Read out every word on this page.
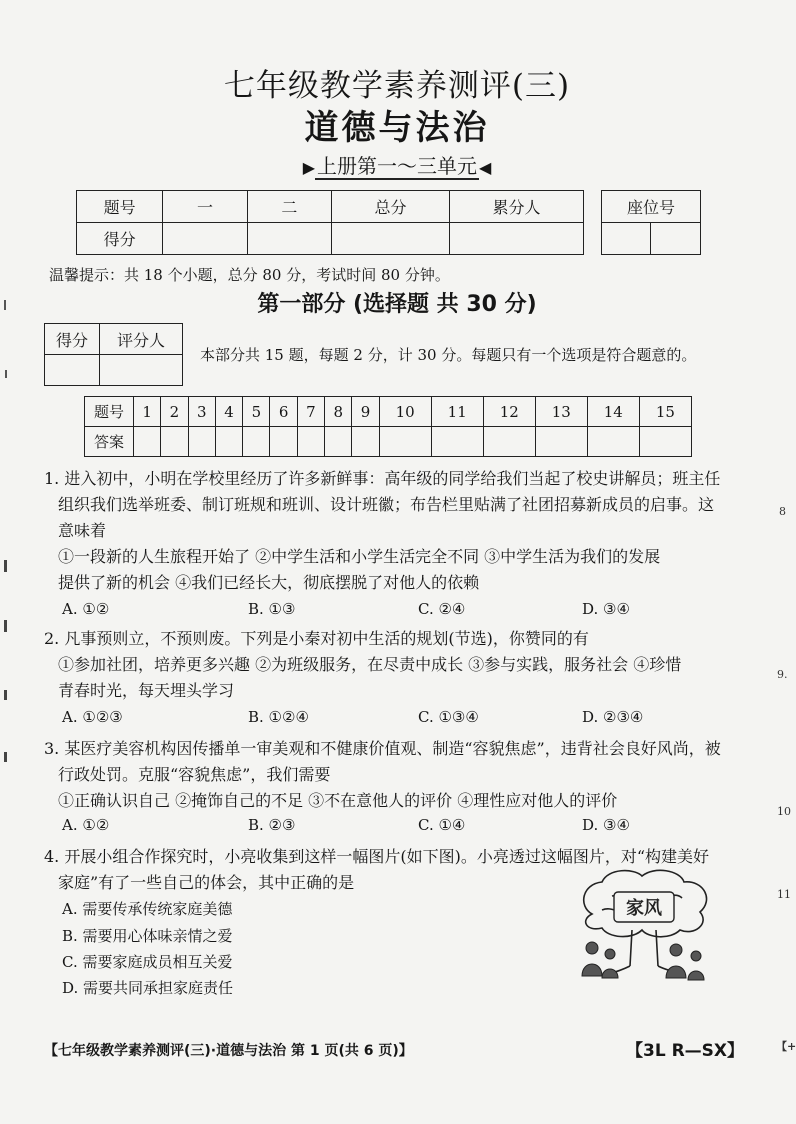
七年级教学素养测评(三)
道德与法治
▶ 上册第一～三单元 ◀
题号	一	二	总分	累分人
得分				
座位号

温馨提示：共 18 个小题，总分 80 分，考试时间 80 分钟。
第一部分 (选择题 共 30 分)
得分	评分人

本部分共 15 题，每题 2 分，计 30 分。每题只有一个选项是符合题意的。
题号	1	2	3	4	5	6	7	8	9	10	11	12	13	14	15
答案															
1. 进入初中，小明在学校里经历了许多新鲜事：高年级的同学给我们当起了校史讲解员；班主任
组织我们选举班委、制订班规和班训、设计班徽；布告栏里贴满了社团招募新成员的启事。这
意味着
①一段新的人生旅程开始了 ②中学生活和小学生活完全不同 ③中学生活为我们的发展
提供了新的机会 ④我们已经长大，彻底摆脱了对他人的依赖
A. ①②	B. ①③	C. ②④	D. ③④
2. 凡事预则立，不预则废。下列是小秦对初中生活的规划(节选)，你赞同的有
①参加社团，培养更多兴趣 ②为班级服务，在尽责中成长 ③参与实践，服务社会 ④珍惜
青春时光，每天埋头学习
A. ①②③	B. ①②④	C. ①③④	D. ②③④
3. 某医疗美容机构因传播单一审美观和不健康价值观、制造“容貌焦虑”，违背社会良好风尚，被
行政处罚。克服“容貌焦虑”，我们需要
①正确认识自己 ②掩饰自己的不足 ③不在意他人的评价 ④理性应对他人的评价
A. ①②	B. ②③	C. ①④	D. ③④
4. 开展小组合作探究时，小亮收集到这样一幅图片(如下图)。小亮透过这幅图片，对“构建美好
家庭”有了一些自己的体会，其中正确的是
A. 需要传承传统家庭美德
B. 需要用心体味亲情之爱
C. 需要家庭成员相互关爱
D. 需要共同承担家庭责任
家风
【七年级教学素养测评(三)·道德与法治 第 1 页(共 6 页)】	【3L R—SX】
8
9.
10
11
【+
